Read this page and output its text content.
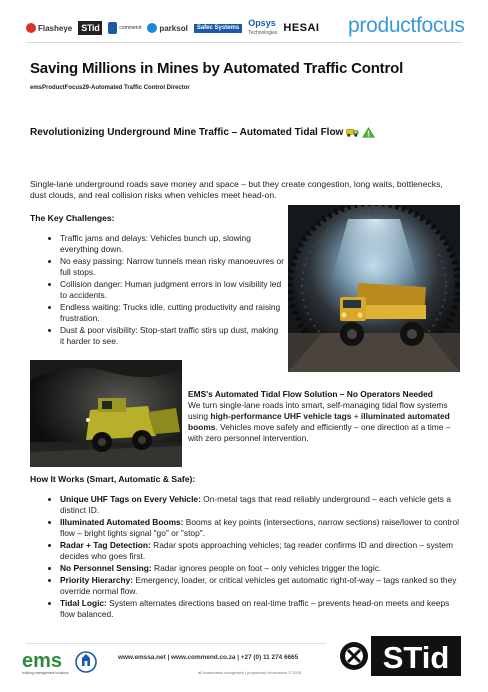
Flasheye STid	commend parksol Safec Systems Opsys
Technologies HESAI productfocus
Saving Millions in Mines by Automated Traffic Control
emsProductFocus29-Automated Traffic Control Director
Revolutionizing Underground Mine Traffic – Automated Tidal Flow
Single-lane underground roads save money and space – but they create congestion, long waits, bottlenecks, dust clouds, and real collision risks when vehicles meet head-on.
The Key Challenges:
• Traffic jams and delays: Vehicles bunch up, slowing everything down.
• No easy passing: Narrow tunnels mean risky manoeuvres or full stops.
• Collision danger: Human judgment errors in low visibility led to accidents.
• Endless waiting: Trucks idle, cutting productivity and raising frustration.
• Dust & poor visibility: Stop-start traffic stirs up dust, making it harder to see.
EMS's Automated Tidal Flow Solution – No Operators Needed
We turn single-lane roads into smart, self-managing tidal flow systems using high-performance UHF vehicle tags + illuminated automated booms. Vehicles move safely and efficiently – one direction at a time – with zero personnel intervention.
How It Works (Smart, Automatic & Safe):
• Unique UHF Tags on Every Vehicle: On-metal tags that read reliably underground – each vehicle gets a distinct ID.
• Illuminated Automated Booms: Booms at key points (intersections, narrow sections) raise/lower to control flow – bright lights signal "go" or "stop".
• Radar + Tag Detection: Radar spots approaching vehicles; tag reader confirms ID and direction – system decides who goes first.
• No Personnel Sensing: Radar ignores people on foot – only vehicles trigger the logic.
• Priority Hierarchy: Emergency, loader, or critical vehicles get automatic right-of-way – tags ranked so they override normal flow.
• Tidal Logic: System alternates directions based on real-time traffic – prevents head-on meets and keeps flow balanced.
ems
building management solutions
www.emssa.net | www.commend.co.za | +27 (0) 11 274 6665
all trademarks recognised | proprietary information © 2025	STid
